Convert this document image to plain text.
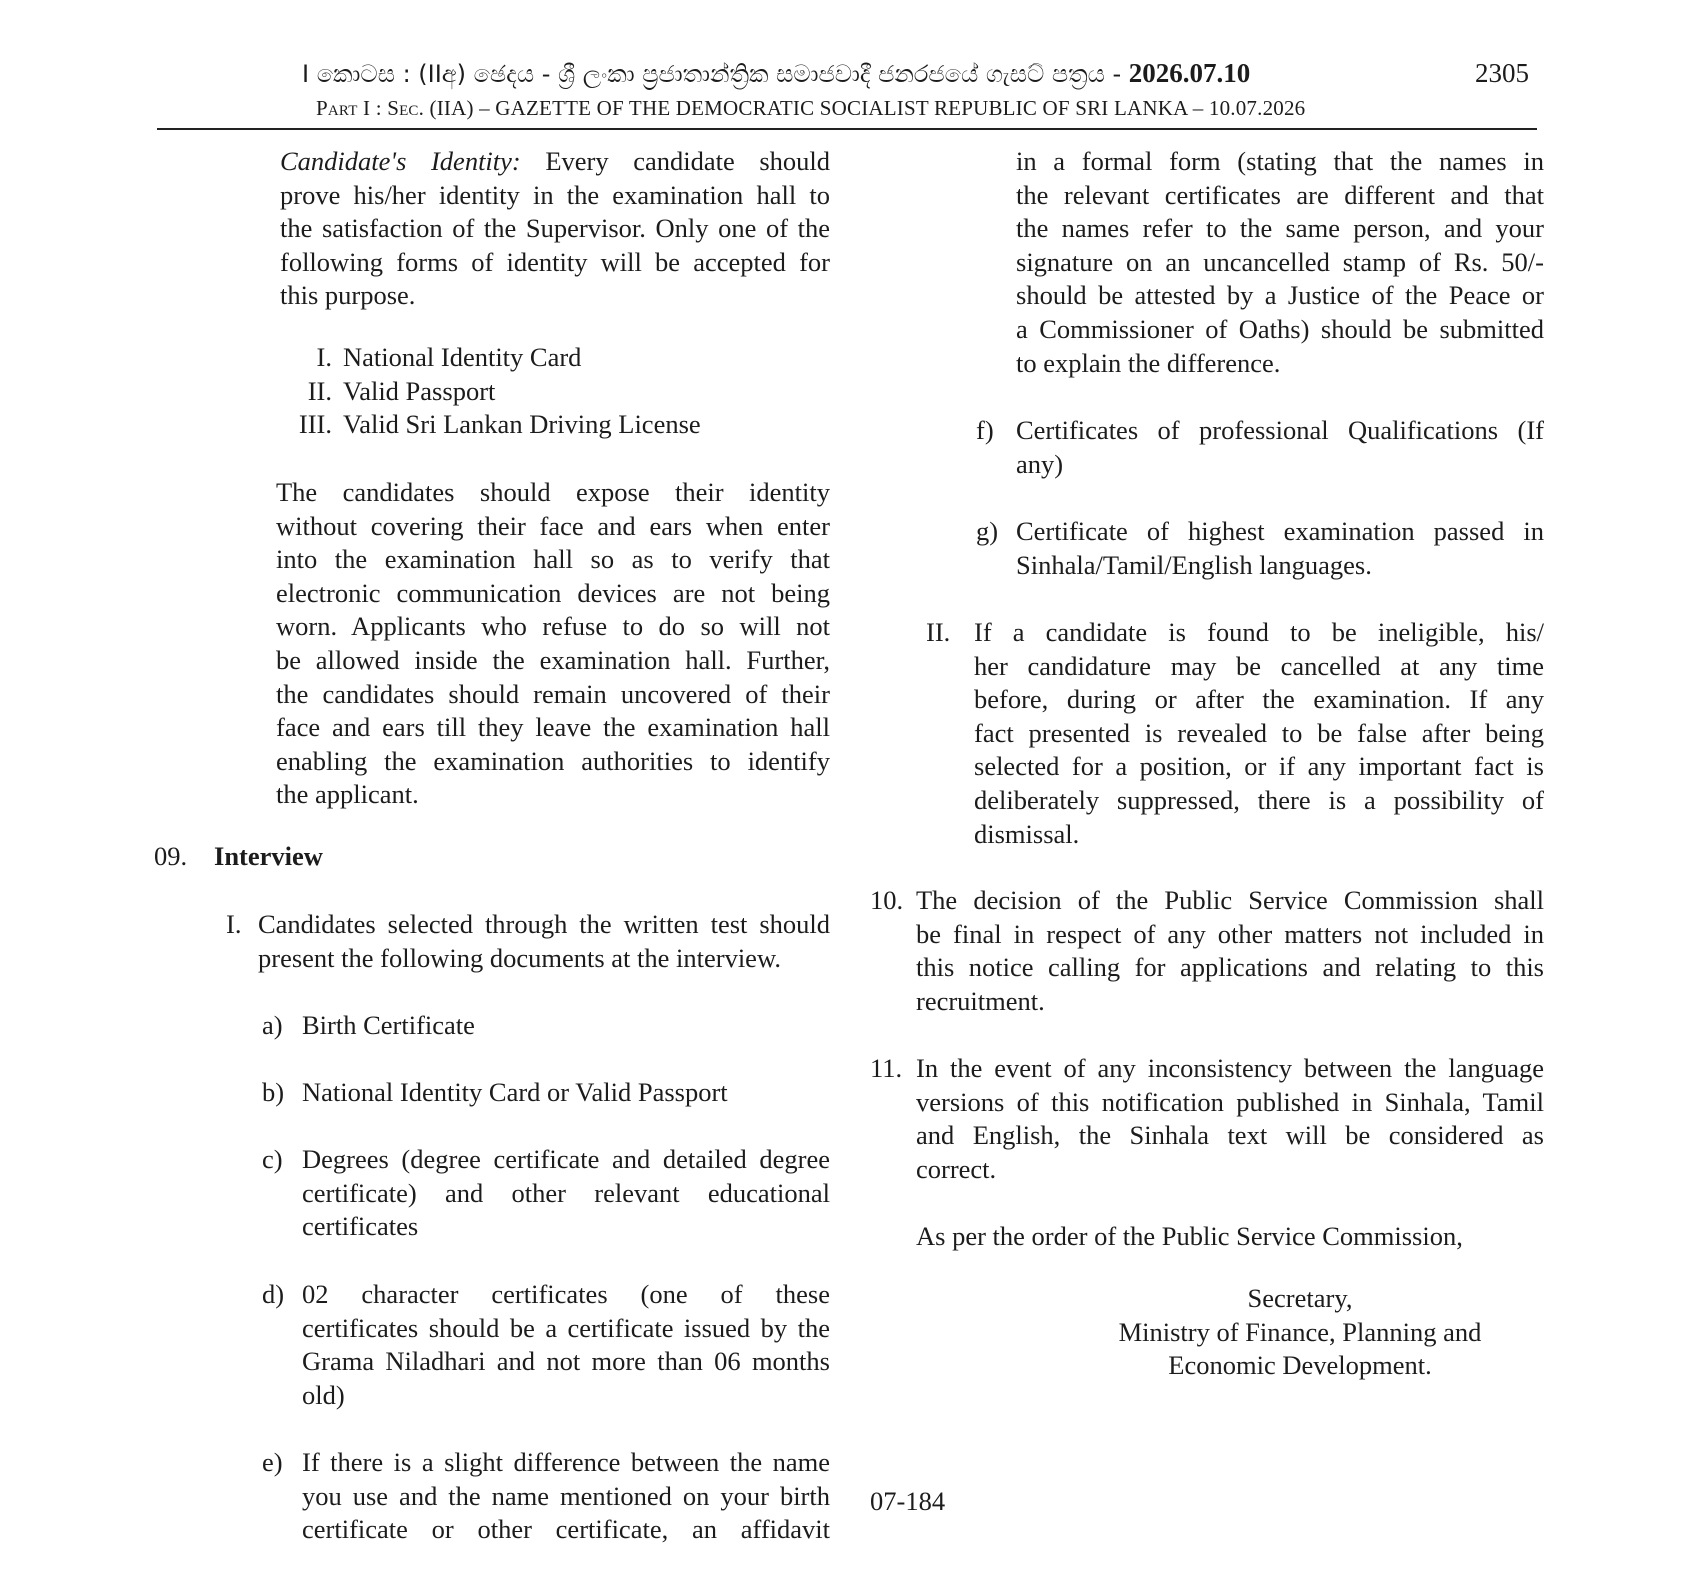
I කොටස : (IIඅ) ඡෙදය - ශ්‍රී ලංකා ප්‍රජාතාන්ත්‍රික සමාජවාදී ජනරජයේ ගැසට් පත්‍රය - 2026.07.10	2305
Part I : Sec. (IIA) – GAZETTE OF THE DEMOCRATIC SOCIALIST REPUBLIC OF SRI LANKA – 10.07.2026
Candidate's Identity: Every candidate should
prove his/her identity in the examination hall to
the satisfaction of the Supervisor. Only one of the
following forms of identity will be accepted for
this purpose.
I. National Identity Card
II. Valid Passport
III. Valid Sri Lankan Driving License
The candidates should expose their identity
without covering their face and ears when enter
into the examination hall so as to verify that
electronic communication devices are not being
worn. Applicants who refuse to do so will not
be allowed inside the examination hall. Further,
the candidates should remain uncovered of their
face and ears till they leave the examination hall
enabling the examination authorities to identify
the applicant.
09. Interview
I. Candidates selected through the written test should
present the following documents at the interview.
a) Birth Certificate
b) National Identity Card or Valid Passport
c) Degrees (degree certificate and detailed degree
certificate) and other relevant educational
certificates
d) 02 character certificates (one of these
certificates should be a certificate issued by the
Grama Niladhari and not more than 06 months
old)
e) If there is a slight difference between the name
you use and the name mentioned on your birth
certificate or other certificate, an affidavit
in a formal form (stating that the names in
the relevant certificates are different and that
the names refer to the same person, and your
signature on an uncancelled stamp of Rs. 50/-
should be attested by a Justice of the Peace or
a Commissioner of Oaths) should be submitted
to explain the difference.
f) Certificates of professional Qualifications (If
any)
g) Certificate of highest examination passed in
Sinhala/Tamil/English languages.
II. If a candidate is found to be ineligible, his/
her candidature may be cancelled at any time
before, during or after the examination. If any
fact presented is revealed to be false after being
selected for a position, or if any important fact is
deliberately suppressed, there is a possibility of
dismissal.
10. The decision of the Public Service Commission shall
be final in respect of any other matters not included in
this notice calling for applications and relating to this
recruitment.
11. In the event of any inconsistency between the language
versions of this notification published in Sinhala, Tamil
and English, the Sinhala text will be considered as
correct.
As per the order of the Public Service Commission,
Secretary,
Ministry of Finance, Planning and
Economic Development.
07-184
